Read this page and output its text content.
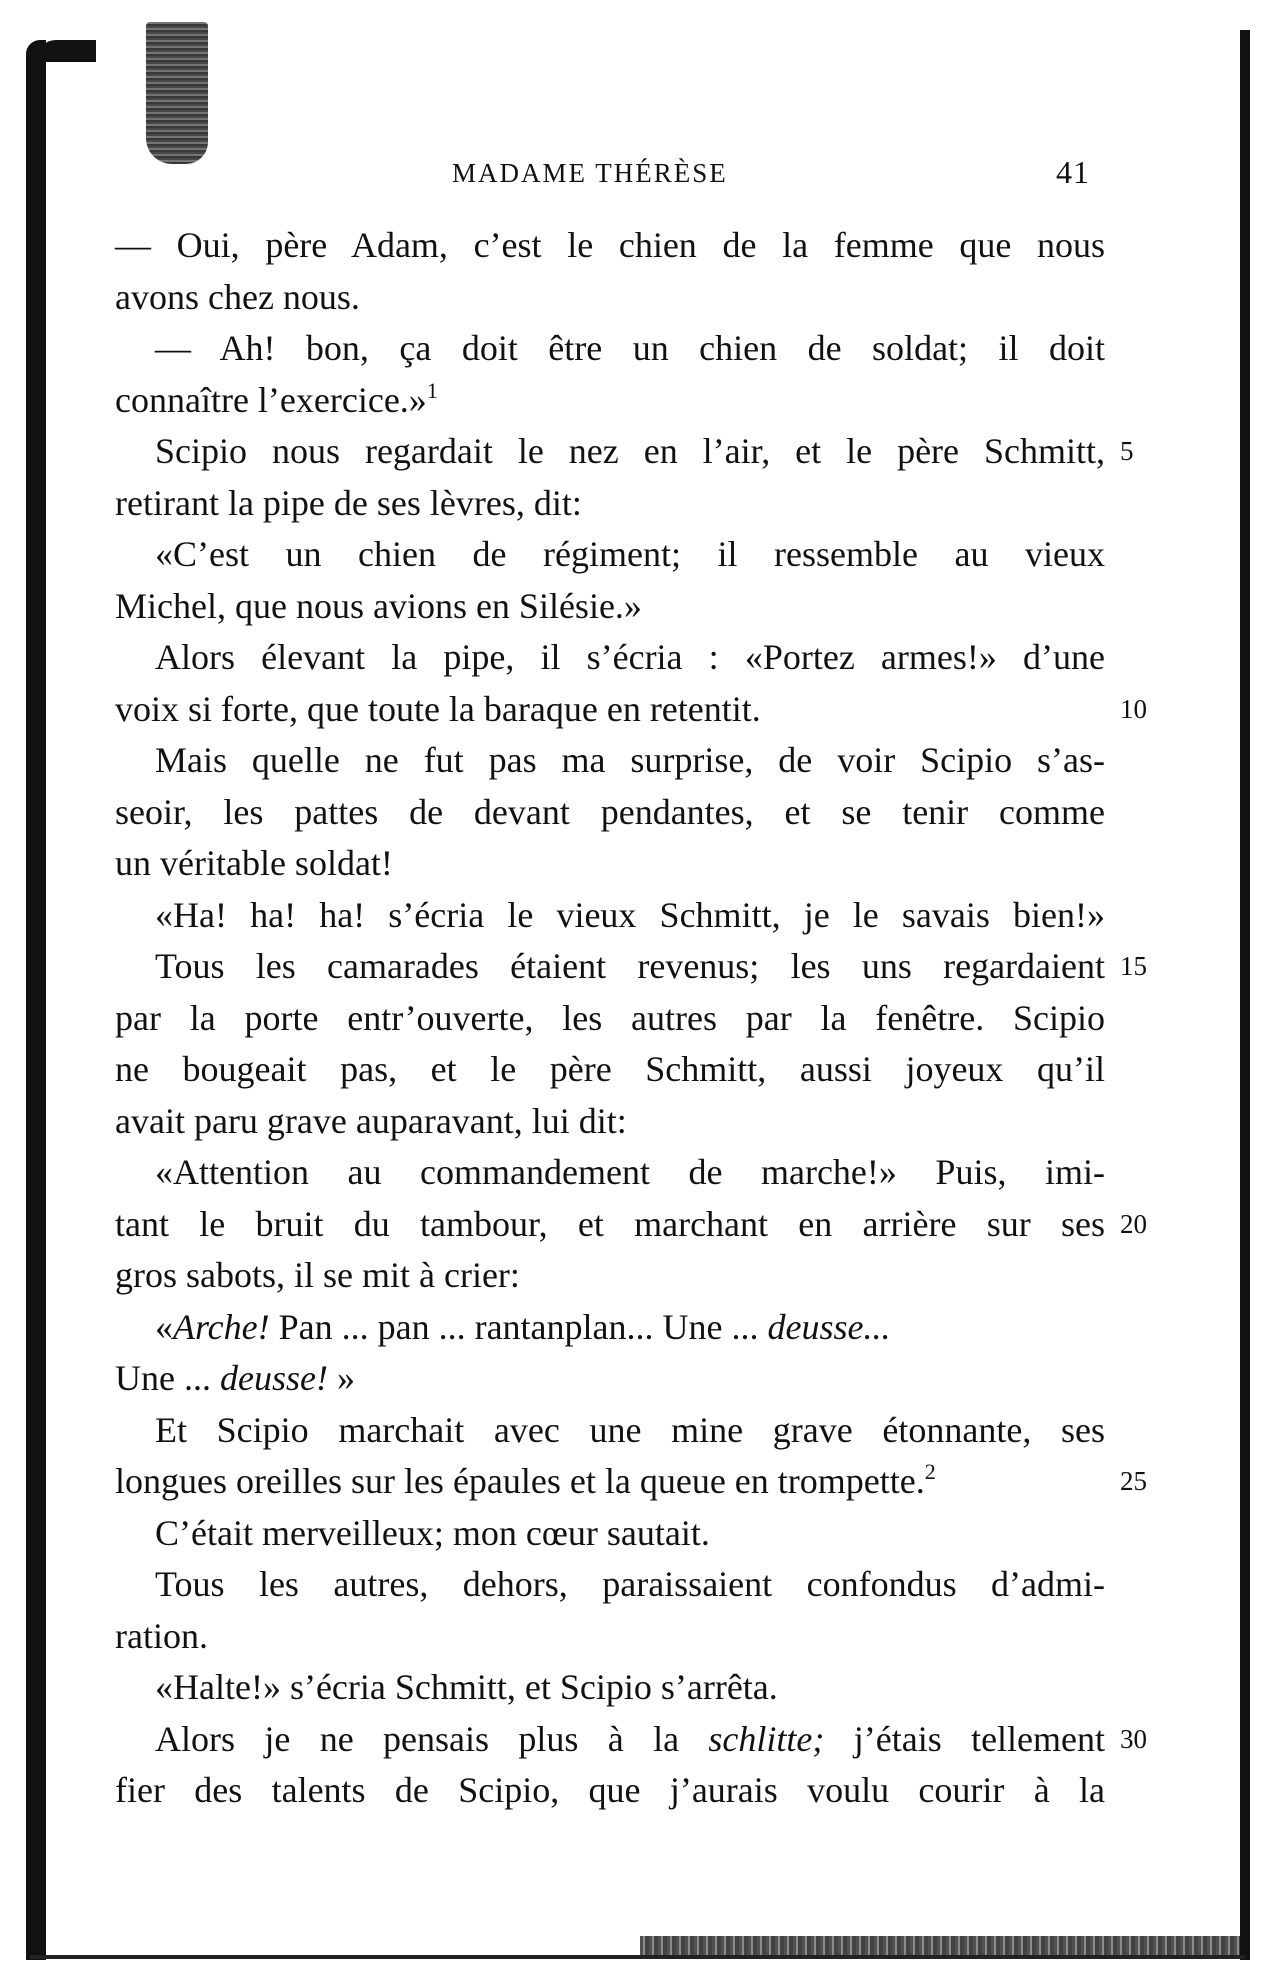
MADAME THÉRÈSE	41
— Oui, père Adam, c’est le chien de la femme que nous
avons chez nous.
— Ah! bon, ça doit être un chien de soldat; il doit
connaître l’exercice.»$^1$
Scipio nous regardait le nez en l’air, et le père Schmitt, 5
retirant la pipe de ses lèvres, dit:
«C’est un chien de régiment; il ressemble au vieux
Michel, que nous avions en Silésie.»
Alors élevant la pipe, il s’écria : «Portez armes!» d’une
voix si forte, que toute la baraque en retentit.	10
Mais quelle ne fut pas ma surprise, de voir Scipio s’as-
seoir, les pattes de devant pendantes, et se tenir comme
un véritable soldat!
«Ha! ha! ha! s’écria le vieux Schmitt, je le savais bien!»
Tous les camarades étaient revenus; les uns regardaient 15
par la porte entr’ouverte, les autres par la fenêtre. Scipio
ne bougeait pas, et le père Schmitt, aussi joyeux qu’il
avait paru grave auparavant, lui dit:
«Attention au commandement de marche!» Puis, imi-
tant le bruit du tambour, et marchant en arrière sur ses 20
gros sabots, il se mit à crier:
«Arche! Pan ... pan ... rantanplan... Une ... deusse...
Une ... deusse! »
Et Scipio marchait avec une mine grave étonnante, ses
longues oreilles sur les épaules et la queue en trompette.$^2$	25
C’était merveilleux; mon cœur sautait.
Tous les autres, dehors, paraissaient confondus d’admi-
ration.
«Halte!» s’écria Schmitt, et Scipio s’arrêta.
Alors je ne pensais plus à la schlitte; j’étais tellement 30
fier des talents de Scipio, que j’aurais voulu courir à la
